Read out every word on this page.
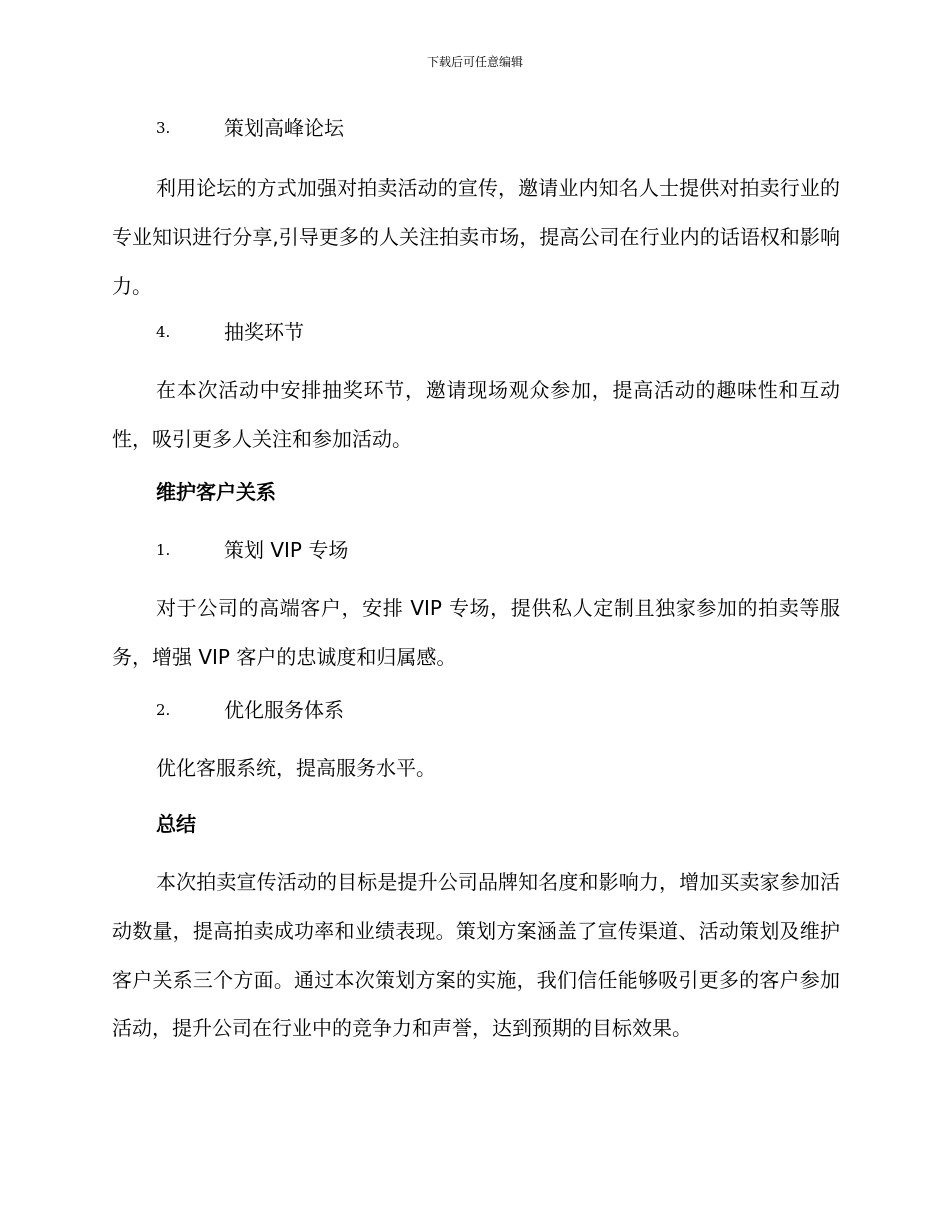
下载后可任意编辑
3.	策划高峰论坛

利用论坛的方式加强对拍卖活动的宣传，邀请业内知名人士提供对拍卖行业的专业知识进行分享,引导更多的人关注拍卖市场，提高公司在行业内的话语权和影响力。

4.	抽奖环节

在本次活动中安排抽奖环节，邀请现场观众参加，提高活动的趣味性和互动性，吸引更多人关注和参加活动。

维护客户关系
1.	策划 VIP 专场

对于公司的高端客户，安排 VIP 专场，提供私人定制且独家参加的拍卖等服务，增强 VIP 客户的忠诚度和归属感。

2.	优化服务体系

优化客服系统，提高服务水平。

总结

本次拍卖宣传活动的目标是提升公司品牌知名度和影响力，增加买卖家参加活动数量，提高拍卖成功率和业绩表现。策划方案涵盖了宣传渠道、活动策划及维护客户关系三个方面。通过本次策划方案的实施，我们信任能够吸引更多的客户参加活动，提升公司在行业中的竞争力和声誉，达到预期的目标效果。
